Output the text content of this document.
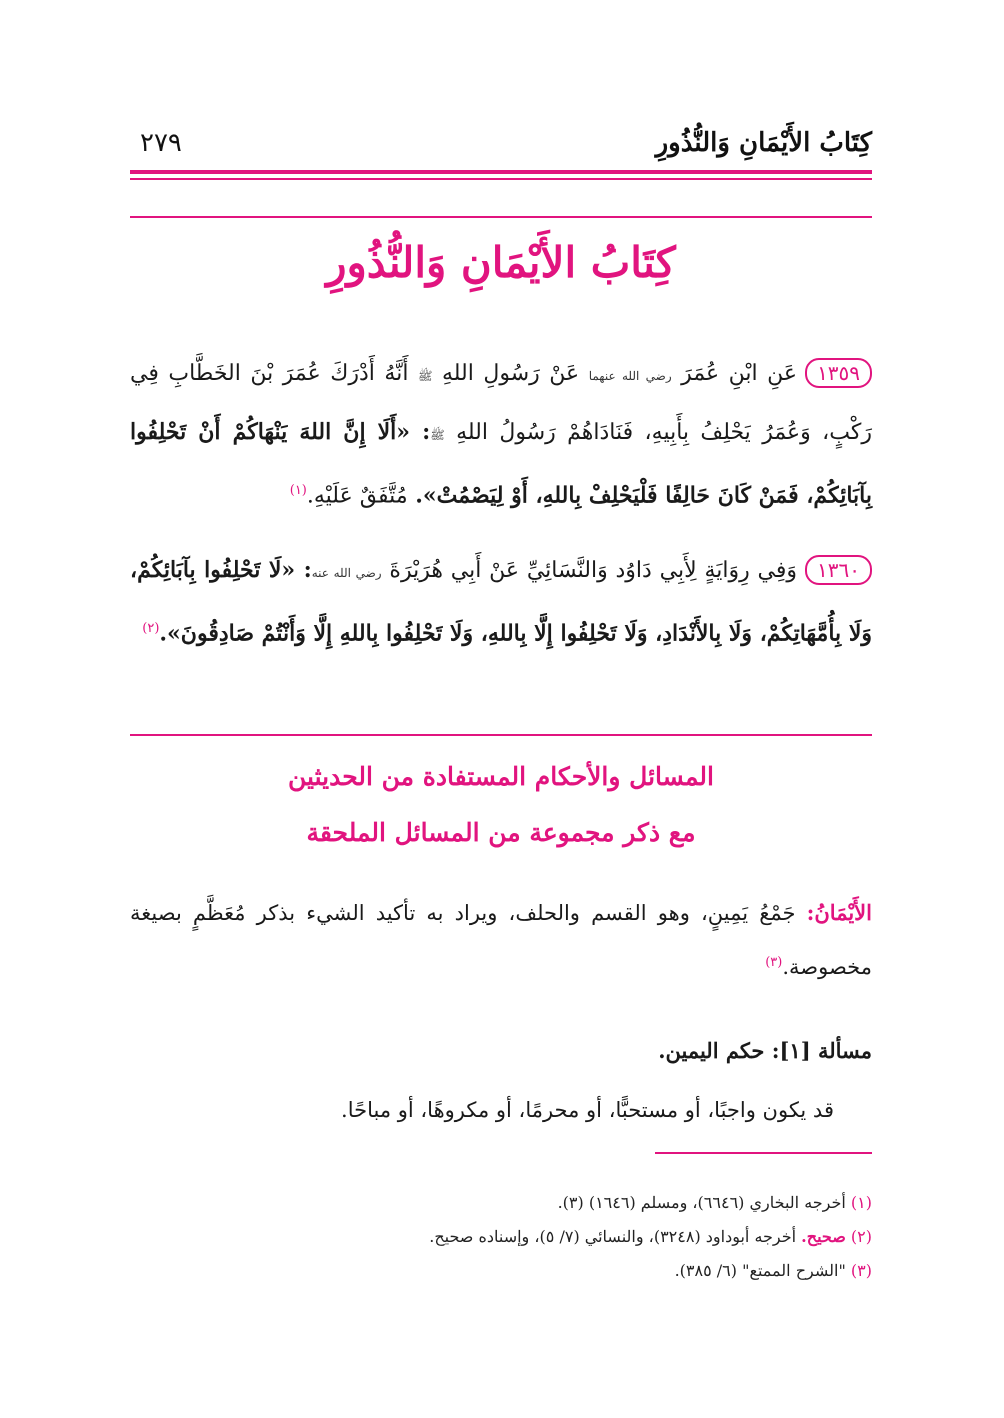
كِتَابُ الأَيْمَانِ وَالنُّذُورِ
٢٧٩
كِتَابُ الأَيْمَانِ وَالنُّذُورِ
١٣٥٩عَنِ ابْنِ عُمَرَ رضي الله عنهما عَنْ رَسُولِ اللهِ ﷺ أَنَّهُ أَدْرَكَ عُمَرَ بْنَ الخَطَّابِ فِي رَكْبٍ، وَعُمَرُ يَحْلِفُ بِأَبِيهِ، فَنَادَاهُمْ رَسُولُ اللهِ ﷺ: «أَلَا إِنَّ اللهَ يَنْهَاكُمْ أَنْ تَحْلِفُوا بِآبَائِكُمْ، فَمَنْ كَانَ حَالِفًا فَلْيَحْلِفْ بِاللهِ، أَوْ لِيَصْمُتْ». مُتَّفَقٌ عَلَيْهِ.$^{(١)}$
١٣٦٠وَفِي رِوَايَةٍ لِأَبِي دَاوُد وَالنَّسَائِيِّ عَنْ أَبِي هُرَيْرَةَ رضي الله عنه: «لَا تَحْلِفُوا بِآبَائِكُمْ، وَلَا بِأُمَّهَاتِكُمْ، وَلَا بِالأَنْدَادِ، وَلَا تَحْلِفُوا إِلَّا بِاللهِ، وَلَا تَحْلِفُوا بِاللهِ إِلَّا وَأَنْتُمْ صَادِقُونَ».$^{(٢)}$
المسائل والأحكام المستفادة من الحديثين
مع ذكر مجموعة من المسائل الملحقة
الأَيْمَانُ: جَمْعُ يَمِينٍ، وهو القسم والحلف، ويراد به تأكيد الشيء بذكر مُعَظَّمٍ بصيغة مخصوصة.$^{(٣)}$
مسألة [١]: حكم اليمين.
قد يكون واجبًا، أو مستحبًّا، أو محرمًا، أو مكروهًا، أو مباحًا.
(١) أخرجه البخاري (٦٦٤٦)، ومسلم (١٦٤٦) (٣).
(٢) صحيح. أخرجه أبوداود (٣٢٤٨)، والنسائي (٧/ ٥)، وإسناده صحيح.
(٣) "الشرح الممتع" (٦/ ٣٨٥).
